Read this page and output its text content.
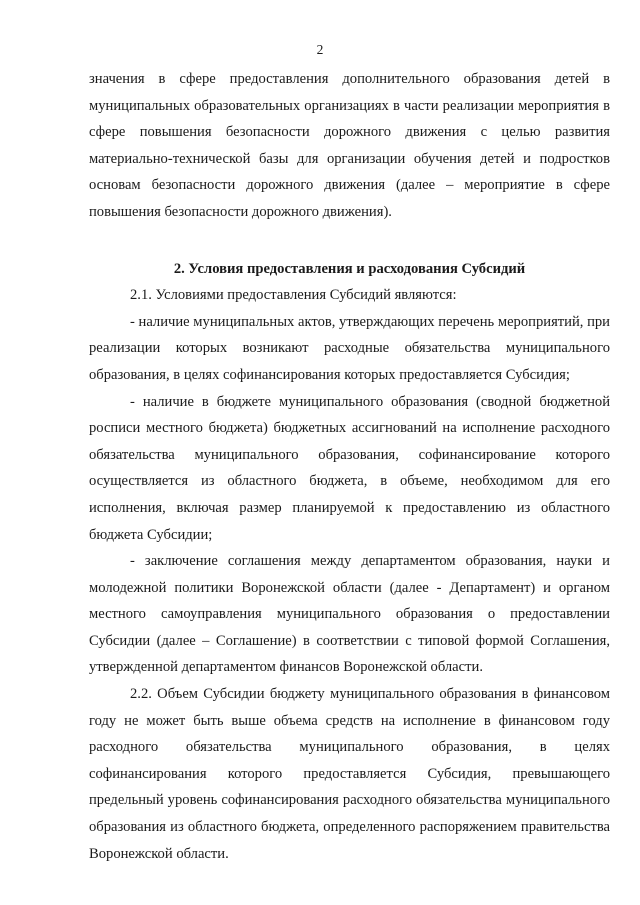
2

значения в сфере предоставления дополнительного образования детей в муниципальных образовательных организациях в части реализации мероприятия в сфере повышения безопасности дорожного движения с целью развития материально-технической базы для организации обучения детей и подростков основам безопасности дорожного движения (далее – мероприятие в сфере повышения безопасности дорожного движения).

2. Условия предоставления и расходования Субсидий

2.1. Условиями предоставления Субсидий являются:

- наличие муниципальных актов, утверждающих перечень мероприятий, при реализации которых возникают расходные обязательства муниципального образования, в целях софинансирования которых предоставляется Субсидия;

- наличие в бюджете муниципального образования (сводной бюджетной росписи местного бюджета) бюджетных ассигнований на исполнение расходного обязательства муниципального образования, софинансирование которого осуществляется из областного бюджета, в объеме, необходимом для его исполнения, включая размер планируемой к предоставлению из областного бюджета Субсидии;

- заключение соглашения между департаментом образования, науки и молодежной политики Воронежской области (далее - Департамент) и органом местного самоуправления муниципального образования о предоставлении Субсидии (далее – Соглашение) в соответствии с типовой формой Соглашения, утвержденной департаментом финансов Воронежской области.

2.2. Объем Субсидии бюджету муниципального образования в финансовом году не может быть выше объема средств на исполнение в финансовом году расходного обязательства муниципального образования, в целях софинансирования которого предоставляется Субсидия, превышающего предельный уровень софинансирования расходного обязательства муниципального образования из областного бюджета, определенного распоряжением правительства Воронежской области.
